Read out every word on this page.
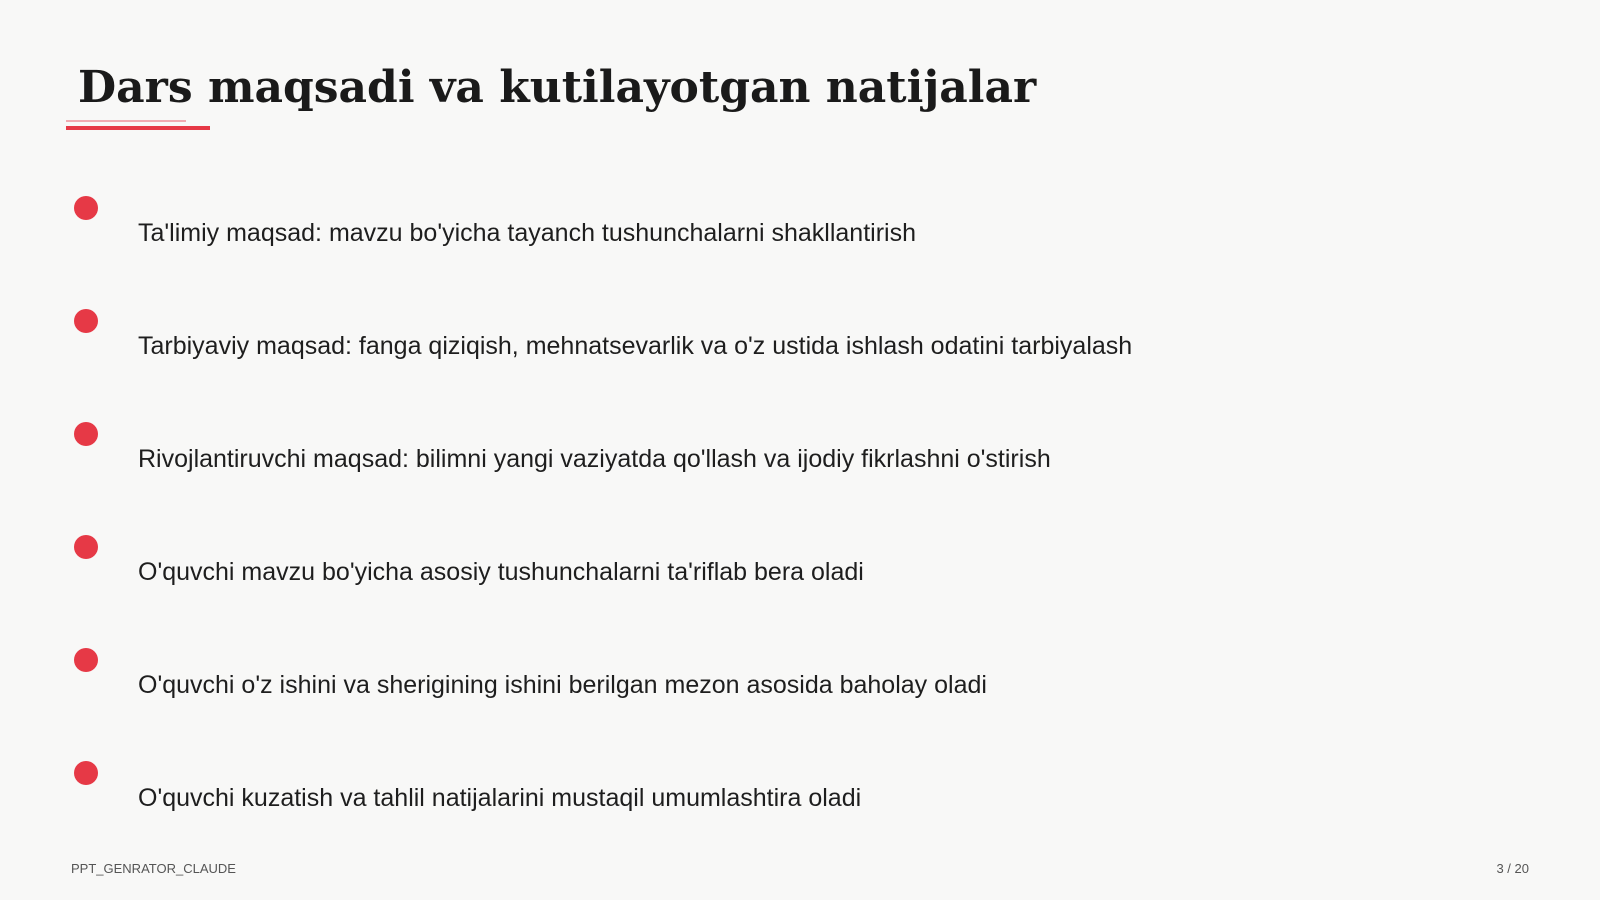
Dars maqsadi va kutilayotgan natijalar
Ta'limiy maqsad: mavzu bo'yicha tayanch tushunchalarni shakllantirish
Tarbiyaviy maqsad: fanga qiziqish, mehnatsevarlik va o'z ustida ishlash odatini tarbiyalash
Rivojlantiruvchi maqsad: bilimni yangi vaziyatda qo'llash va ijodiy fikrlashni o'stirish
O'quvchi mavzu bo'yicha asosiy tushunchalarni ta'riflab bera oladi
O'quvchi o'z ishini va sherigining ishini berilgan mezon asosida baholay oladi
O'quvchi kuzatish va tahlil natijalarini mustaqil umumlashtira oladi
PPT_GENRATOR_CLAUDE	3 / 20
